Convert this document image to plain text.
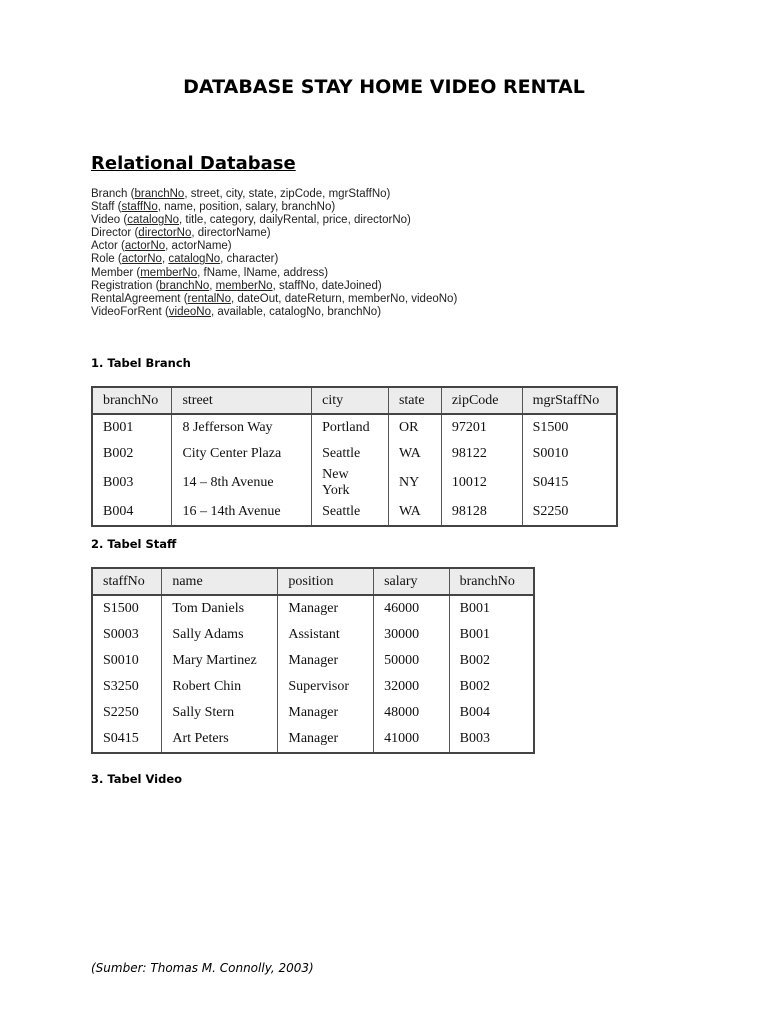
DATABASE STAY HOME VIDEO RENTAL
Relational Database
Branch (branchNo, street, city, state, zipCode, mgrStaffNo)
Staff (staffNo, name, position, salary, branchNo)
Video (catalogNo, title, category, dailyRental, price, directorNo)
Director (directorNo, directorName)
Actor (actorNo, actorName)
Role (actorNo, catalogNo, character)
Member (memberNo, fName, lName, address)
Registration (branchNo, memberNo, staffNo, dateJoined)
RentalAgreement (rentalNo, dateOut, dateReturn, memberNo, videoNo)
VideoForRent (videoNo, available, catalogNo, branchNo)
1. Tabel Branch
branchNo	street	city	state	zipCode	mgrStaffNo
B001	8 Jefferson Way	Portland	OR	97201	S1500
B002	City Center Plaza	Seattle	WA	98122	S0010
B003	14 – 8th Avenue	New York	NY	10012	S0415
B004	16 – 14th Avenue	Seattle	WA	98128	S2250
2. Tabel Staff
staffNo	name	position	salary	branchNo
S1500	Tom Daniels	Manager	46000	B001
S0003	Sally Adams	Assistant	30000	B001
S0010	Mary Martinez	Manager	50000	B002
S3250	Robert Chin	Supervisor	32000	B002
S2250	Sally Stern	Manager	48000	B004
S0415	Art Peters	Manager	41000	B003
3. Tabel Video
(Sumber: Thomas M. Connolly, 2003)
